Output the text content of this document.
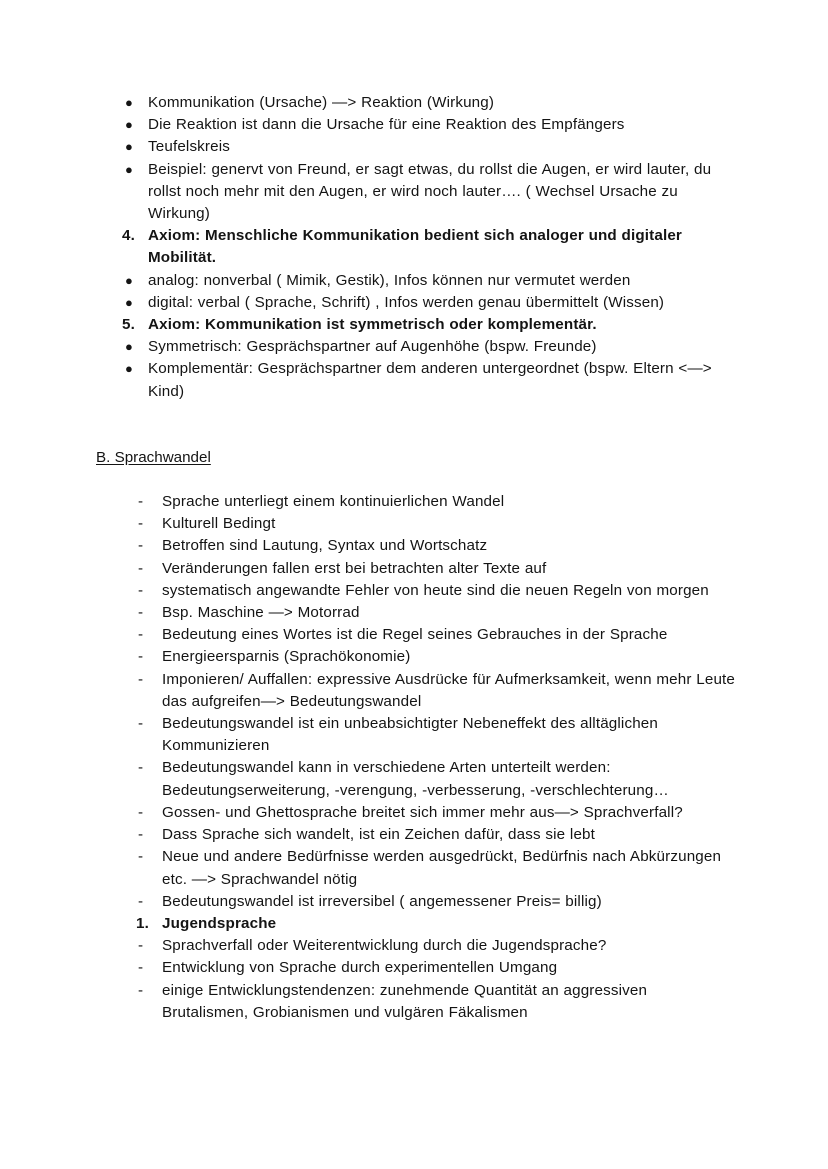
● Kommunikation (Ursache) —> Reaktion (Wirkung)
● Die Reaktion ist dann die Ursache für eine Reaktion des Empfängers
● Teufelskreis
● Beispiel: genervt von Freund, er sagt etwas, du rollst die Augen, er wird lauter, du rollst noch mehr mit den Augen, er wird noch lauter…. ( Wechsel Ursache zu Wirkung)
4. Axiom: Menschliche Kommunikation bedient sich analoger und digitaler Mobilität.
● analog: nonverbal ( Mimik, Gestik), Infos können nur vermutet werden
● digital: verbal ( Sprache, Schrift) , Infos werden genau übermittelt (Wissen)
5. Axiom: Kommunikation ist symmetrisch oder komplementär.
● Symmetrisch: Gesprächspartner auf Augenhöhe (bspw. Freunde)
● Komplementär: Gesprächspartner dem anderen untergeordnet (bspw. Eltern <—> Kind)
B. Sprachwandel
-	Sprache unterliegt einem kontinuierlichen Wandel
-	Kulturell Bedingt
-	Betroffen sind Lautung, Syntax und Wortschatz
-	Veränderungen fallen erst bei betrachten alter Texte auf
-	systematisch angewandte Fehler von heute sind die neuen Regeln von morgen
-	Bsp. Maschine —> Motorrad
-	Bedeutung eines Wortes ist die Regel seines Gebrauches in der Sprache
-	Energieersparnis (Sprachökonomie)
-	Imponieren/ Auffallen: expressive Ausdrücke für Aufmerksamkeit, wenn mehr Leute das aufgreifen—> Bedeutungswandel
-	Bedeutungswandel ist ein unbeabsichtigter Nebeneffekt des alltäglichen Kommunizieren
-	Bedeutungswandel kann in verschiedene Arten unterteilt werden: Bedeutungserweiterung, -verengung, -verbesserung, -verschlechterung…
-	Gossen- und Ghettosprache breitet sich immer mehr aus—> Sprachverfall?
-	Dass Sprache sich wandelt, ist ein Zeichen dafür, dass sie lebt
-	Neue und andere Bedürfnisse werden ausgedrückt, Bedürfnis nach Abkürzungen etc. —> Sprachwandel nötig
-	Bedeutungswandel ist irreversibel ( angemessener Preis= billig)
1. Jugendsprache
-	Sprachverfall oder Weiterentwicklung durch die Jugendsprache?
-	Entwicklung von Sprache durch experimentellen Umgang
-	einige Entwicklungstendenzen: zunehmende Quantität an aggressiven Brutalismen, Grobianismen und vulgären Fäkalismen
